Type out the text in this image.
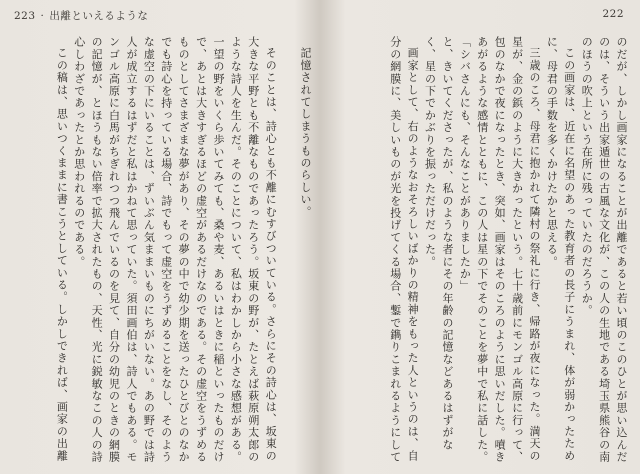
222

のだが、しかし画家になることが出離であると若い頃のこのひとが思い込んだのは、そういう出家遁世の古風な文化が、この人の生地である埼玉県熊谷の南のほうの吹上という在所に残っていたのだろうか。

この画家は、近在に名望のあった教育者の長子にうまれ、体が弱かったために、母君の手数を多くかけたかと思える。

三歳のころ、母君に抱かれて隣村の祭礼に行き、帰路が夜になった。満天の星が、金の鋲のように大きかったという。七十歳前にモンゴル高原に行って、包のなかで夜になったとき、突如、画家はそのころのように思いだした。噴きあがるような感情とともに、この人は星の下でそのことを夢中で私に話した。

「シバさんにも、そんなことがありましたか」

と、きいてくださったが、私のような者にその年齢の記憶などあるはずがなく、星の下でかぶりを振っただけだった。

画家として、右のようなおそろしいばかりの精神をもった人というのは、自分の網膜に、美しいものが光を投げてくる場合、鏨で鐫りこまれるようにして

223 · 出離といえるような

記憶されてしまうものらしい。

そのことは、詩心とも不離にむすびついている。さらにその詩心は、坂東の大きな平野とも不離なものであったろう。坂東の野が、たとえば萩原朔太郎のような詩人を生んだ。そのことについて、私はわかしから小さな感想がある。一望の野をいくら歩いてみても、桑や麦、あるいはときに稲といったものだけで、あとは大きすぎるほどの虚空があるだけなのである。その虚空をうずめるものとしてさまざまな夢があり、その夢の中で幼少期を送ったひとびとのなかでも詩心を持っている場合、詩でもって虚空をうずめることをなし、そのような虚空の下にいることは、ずいぶん気ままいものにちがいない。あの野では詩人が成立するはずだと私はかねて思っていた。須田画伯は、詩人でもある。モンゴル高原に白馬がちぎれつつ飛んでいるのを見て、自分の幼児のときの網膜の記憶が、とほうもない倍率で拡大されたもの、天性、光に鋭敏なこの人の詩心しわざであったとか思われるのである。

この稿は、思いつくままに書こうとしている。しかしできれば、画家の出離
